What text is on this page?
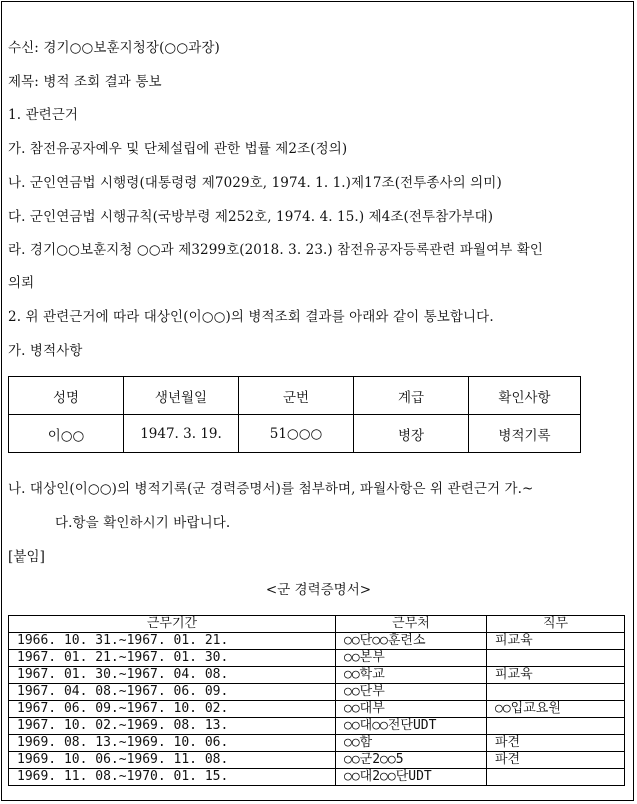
수신: 경기○○보훈지청장(○○과장)
제목: 병적 조회 결과 통보
1. 관련근거
가. 참전유공자예우 및 단체설립에 관한 법률 제2조(정의)
나. 군인연금법 시행령(대통령령 제7029호, 1974. 1. 1.)제17조(전투종사의 의미)
다. 군인연금법 시행규칙(국방부령 제252호, 1974. 4. 15.) 제4조(전투참가부대)
라. 경기○○보훈지청 ○○과 제3299호(2018. 3. 23.) 참전유공자등록관련 파월여부 확인
의뢰
2. 위 관련근거에 따라 대상인(이○○)의 병적조회 결과를 아래와 같이 통보합니다.
가. 병적사항
성명	생년월일	군번	계급	확인사항
이○○	1947. 3. 19.	51○○○	병장	병적기록
나. 대상인(이○○)의 병적기록(군 경력증명서)를 첨부하며, 파월사항은 위 관련근거 가.~
다.항을 확인하시기 바랍니다.
[붙임]
<군 경력증명서>
근무기간	근무처	직무
1966. 10. 31.~1967. 01. 21.	○○단○○훈련소	피교육
1967. 01. 21.~1967. 01. 30.	○○본부	
1967. 01. 30.~1967. 04. 08.	○○학교	피교육
1967. 04. 08.~1967. 06. 09.	○○단부	
1967. 06. 09.~1967. 10. 02.	○○대부	○○입교요원
1967. 10. 02.~1969. 08. 13.	○○대○○전단UDT	
1969. 08. 13.~1969. 10. 06.	○○함	파견
1969. 10. 06.~1969. 11. 08.	○○군2○○5	파견
1969. 11. 08.~1970. 01. 15.	○○대2○○단UDT	
